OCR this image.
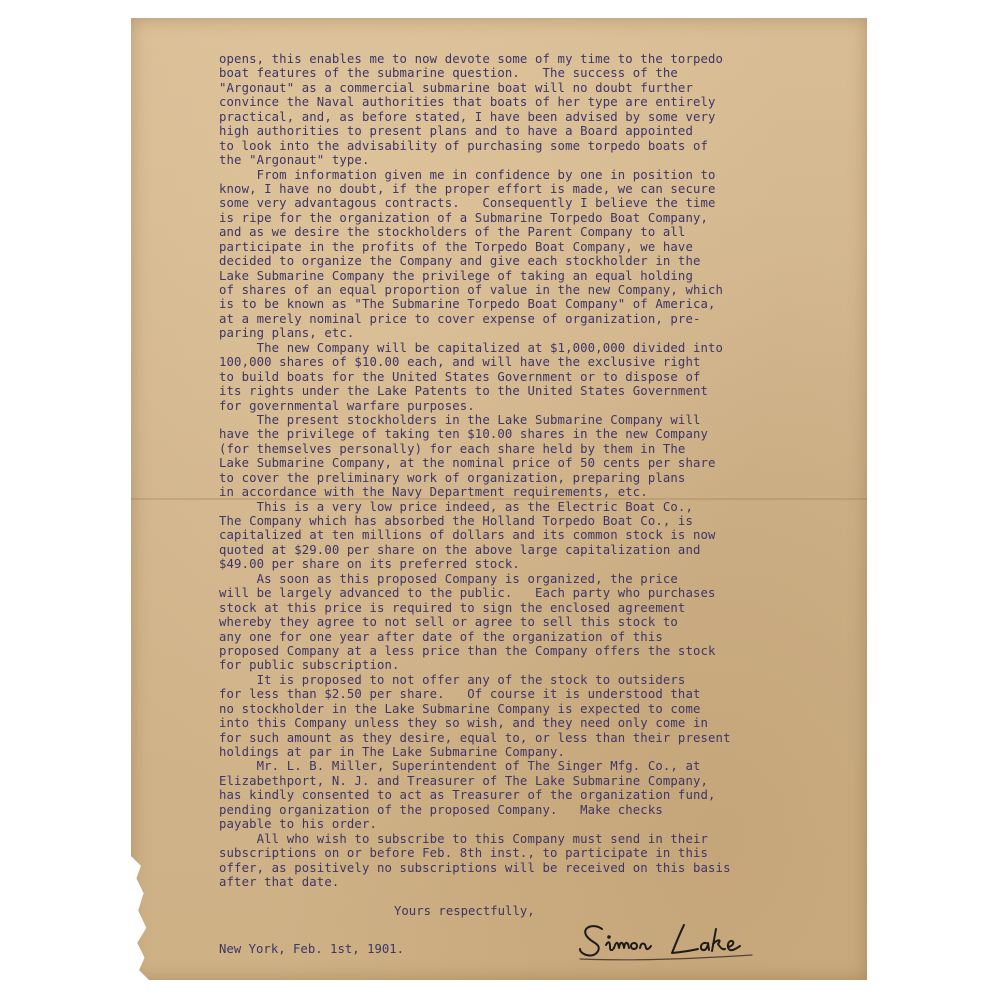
opens, this enables me to now devote some of my time to the torpedo
boat features of the submarine question.   The success of the
"Argonaut" as a commercial submarine boat will no doubt further
convince the Naval authorities that boats of her type are entirely
practical, and, as before stated, I have been advised by some very
high authorities to present plans and to have a Board appointed
to look into the advisability of purchasing some torpedo boats of
the "Argonaut" type.
From information given me in confidence by one in position to
know, I have no doubt, if the proper effort is made, we can secure
some very advantagous contracts.   Consequently I believe the time
is ripe for the organization of a Submarine Torpedo Boat Company,
and as we desire the stockholders of the Parent Company to all
participate in the profits of the Torpedo Boat Company, we have
decided to organize the Company and give each stockholder in the
Lake Submarine Company the privilege of taking an equal holding
of shares of an equal proportion of value in the new Company, which
is to be known as "The Submarine Torpedo Boat Company" of America,
at a merely nominal price to cover expense of organization, pre-
paring plans, etc.
The new Company will be capitalized at $1,000,000 divided into
100,000 shares of $10.00 each, and will have the exclusive right
to build boats for the United States Government or to dispose of
its rights under the Lake Patents to the United States Government
for governmental warfare purposes.
The present stockholders in the Lake Submarine Company will
have the privilege of taking ten $10.00 shares in the new Company
(for themselves personally) for each share held by them in The
Lake Submarine Company, at the nominal price of 50 cents per share
to cover the preliminary work of organization, preparing plans
in accordance with the Navy Department requirements, etc.
This is a very low price indeed, as the Electric Boat Co.,
The Company which has absorbed the Holland Torpedo Boat Co., is
capitalized at ten millions of dollars and its common stock is now
quoted at $29.00 per share on the above large capitalization and
$49.00 per share on its preferred stock.
As soon as this proposed Company is organized, the price
will be largely advanced to the public.   Each party who purchases
stock at this price is required to sign the enclosed agreement
whereby they agree to not sell or agree to sell this stock to
any one for one year after date of the organization of this
proposed Company at a less price than the Company offers the stock
for public subscription.
It is proposed to not offer any of the stock to outsiders
for less than $2.50 per share.   Of course it is understood that
no stockholder in the Lake Submarine Company is expected to come
into this Company unless they so wish, and they need only come in
for such amount as they desire, equal to, or less than their present
holdings at par in The Lake Submarine Company.
Mr. L. B. Miller, Superintendent of The Singer Mfg. Co., at
Elizabethport, N. J. and Treasurer of The Lake Submarine Company,
has kindly consented to act as Treasurer of the organization fund,
pending organization of the proposed Company.   Make checks
payable to his order.
All who wish to subscribe to this Company must send in their
subscriptions on or before Feb. 8th inst., to participate in this
offer, as positively no subscriptions will be received on this basis
after that date.
Yours respectfully,
New York, Feb. 1st, 1901.
